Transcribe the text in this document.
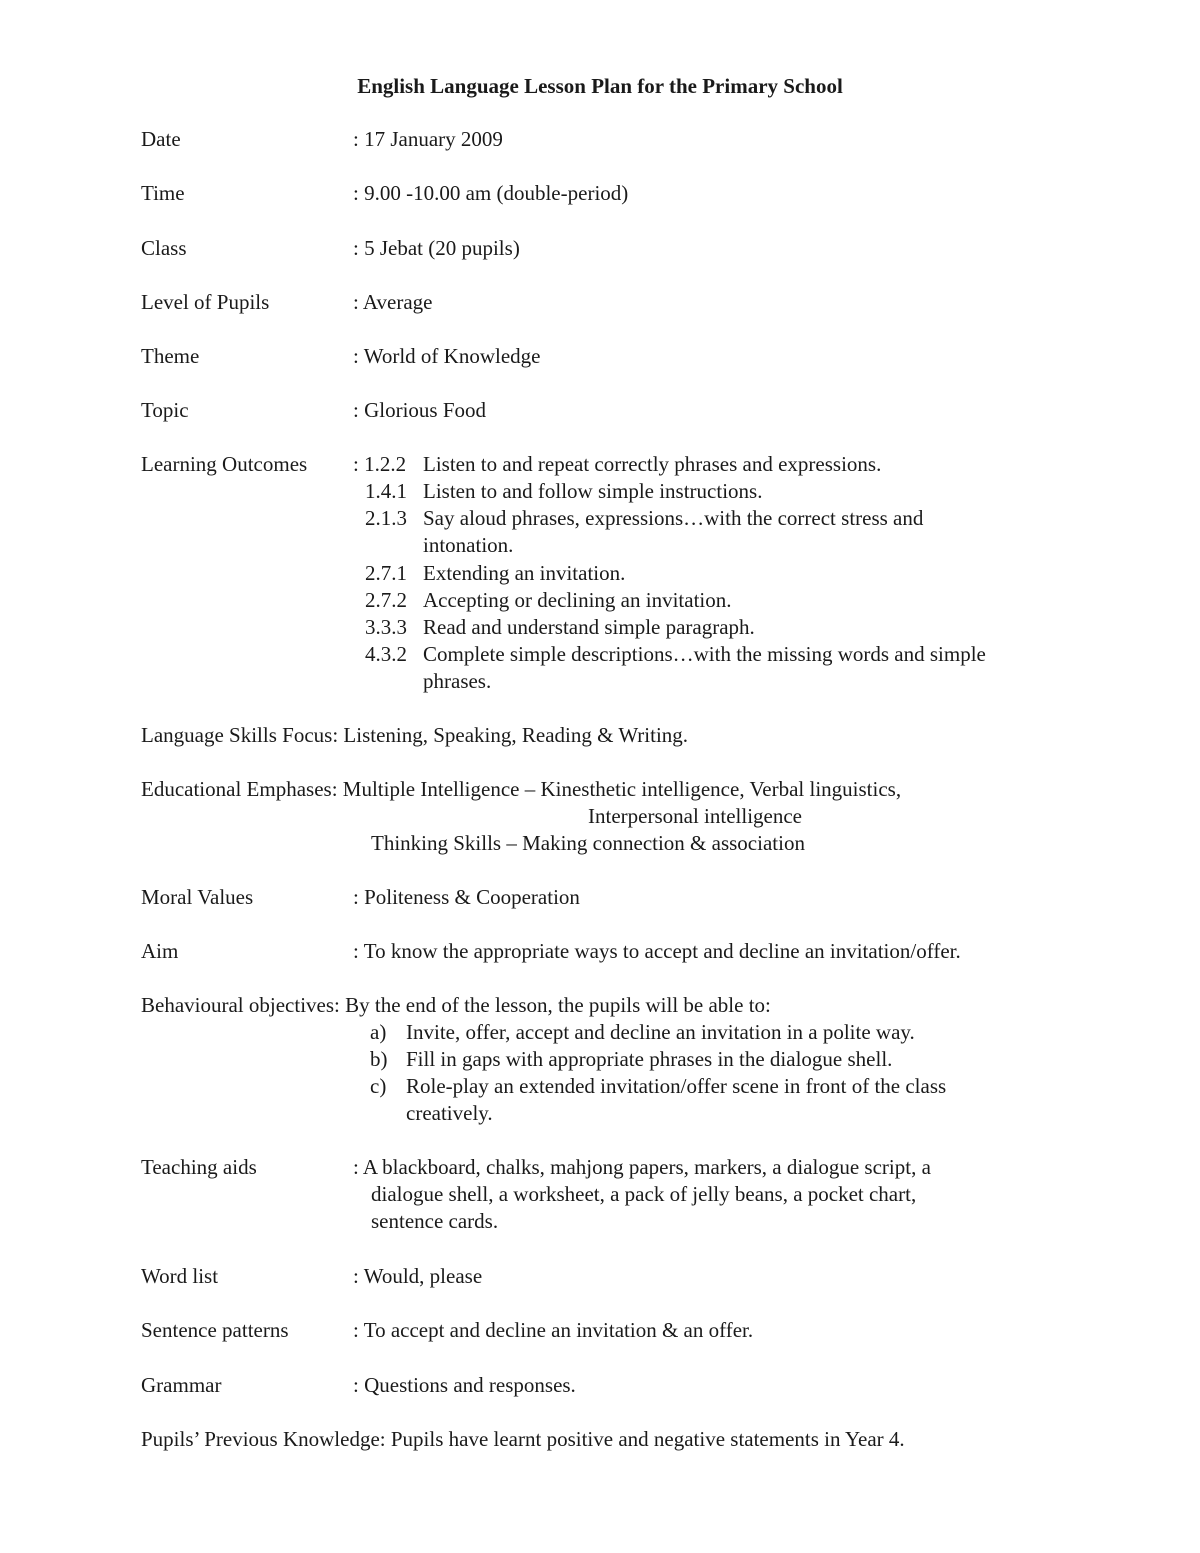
English Language Lesson Plan for the Primary School
Date	: 17 January 2009
Time	: 9.00 -10.00 am (double-period)
Class	: 5 Jebat (20 pupils)
Level of Pupils	: Average
Theme	: World of Knowledge
Topic	: Glorious Food
Learning Outcomes : 1.2.2 Listen to and repeat correctly phrases and expressions.
1.4.1 Listen to and follow simple instructions.
2.1.3 Say aloud phrases, expressions…with the correct stress and
intonation.
2.7.1 Extending an invitation.
2.7.2 Accepting or declining an invitation.
3.3.3 Read and understand simple paragraph.
4.3.2 Complete simple descriptions…with the missing words and simple
phrases.
Language Skills Focus: Listening, Speaking, Reading & Writing.
Educational Emphases: Multiple Intelligence – Kinesthetic intelligence, Verbal linguistics,
Interpersonal intelligence
Thinking Skills – Making connection & association
Moral Values	: Politeness & Cooperation
Aim	: To know the appropriate ways to accept and decline an invitation/offer.
Behavioural objectives: By the end of the lesson, the pupils will be able to:
a) Invite, offer, accept and decline an invitation in a polite way.
b) Fill in gaps with appropriate phrases in the dialogue shell.
c) Role-play an extended invitation/offer scene in front of the class
creatively.
Teaching aids	: A blackboard, chalks, mahjong papers, markers, a dialogue script, a
dialogue shell, a worksheet, a pack of jelly beans, a pocket chart,
sentence cards.
Word list	: Would, please
Sentence patterns	: To accept and decline an invitation & an offer.
Grammar	: Questions and responses.
Pupils’ Previous Knowledge: Pupils have learnt positive and negative statements in Year 4.
